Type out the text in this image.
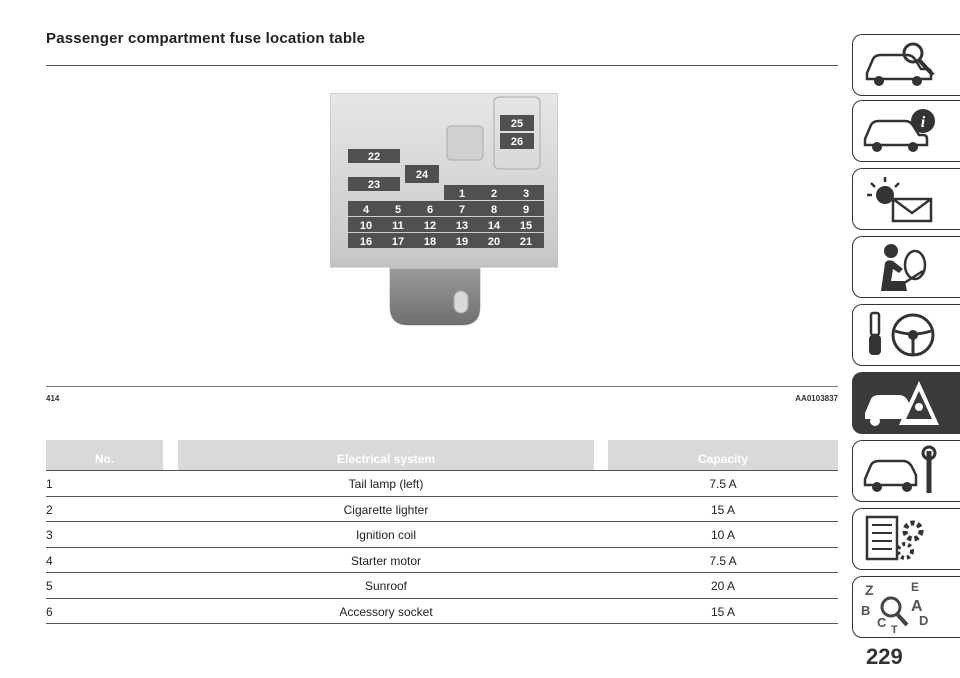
Passenger compartment fuse location table
22
23
24
25
26
1 2 3
4 5 6 7 8 9
10 11 12 13 14 15
16 17 18 19 20 21
414	AA0103837
No.	Electrical system	Capacity
1	Tail lamp (left)	7.5 A
2	Cigarette lighter	15 A
3	Ignition coil	10 A
4	Starter motor	7.5 A
5	Sunroof	20 A
6	Accessory socket	15 A
i
Z	E
B	A
C	D
T
229
